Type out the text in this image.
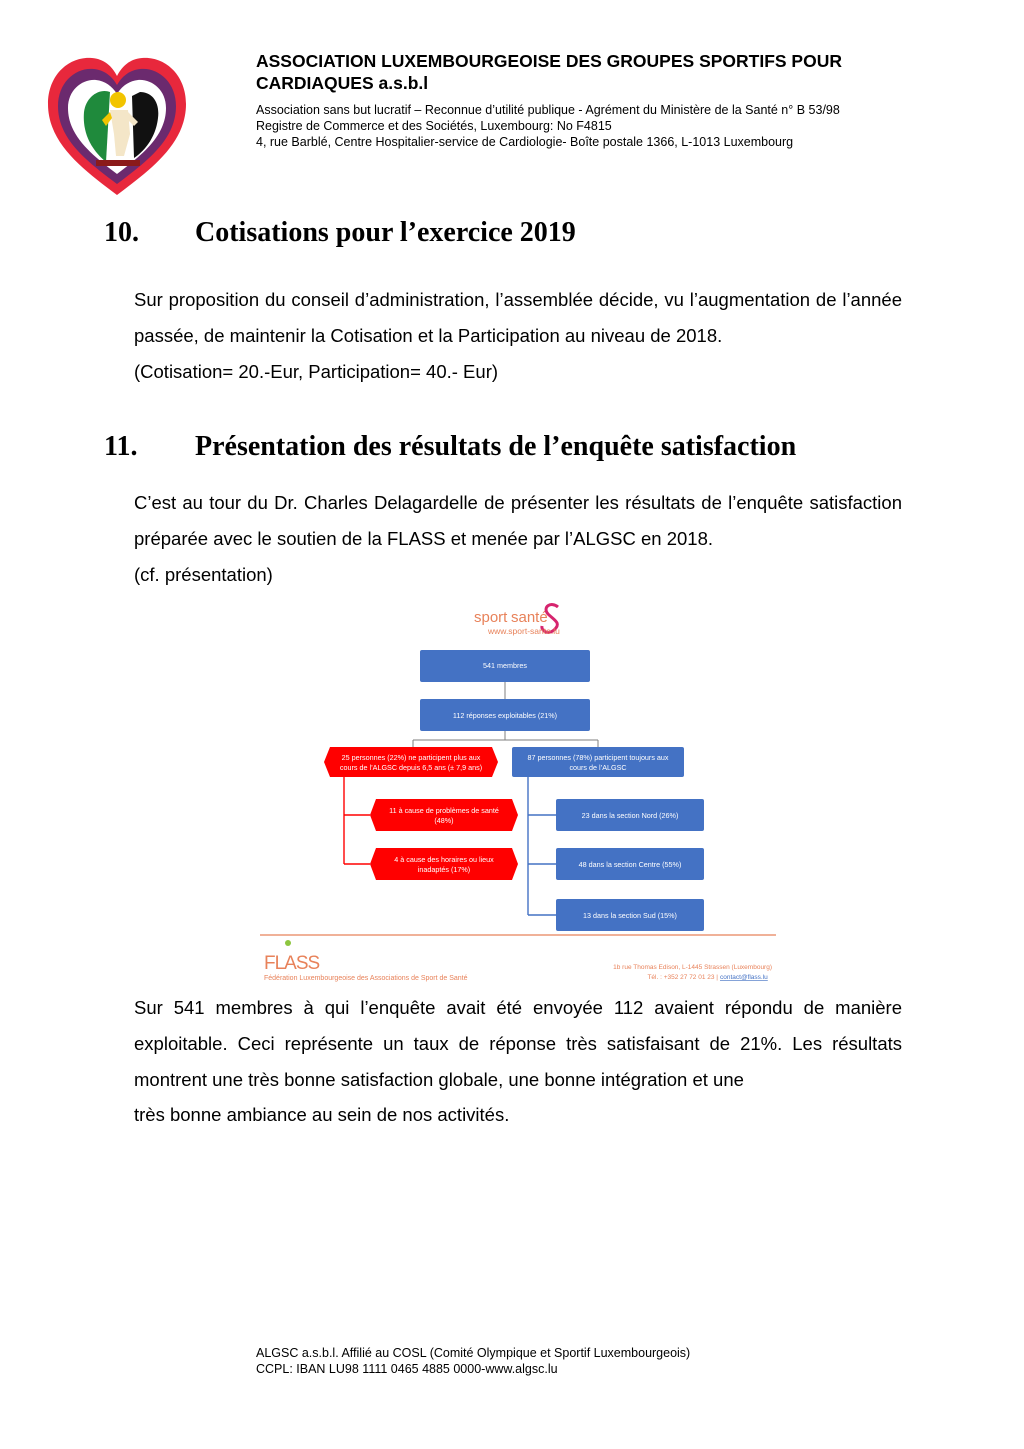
ASSOCIATION LUXEMBOURGEOISE DES GROUPES SPORTIFS POUR

CARDIAQUES a.s.b.l

Association sans but lucratif – Reconnue d’utilité publique - Agrément du Ministère de la Santé n° B 53/98

Registre de Commerce et des Sociétés, Luxembourg: No F4815

4, rue Barblé, Centre Hospitalier-service de Cardiologie- Boîte postale 1366, L-1013 Luxembourg

10. Cotisations pour l’exercice 2019
Sur proposition du conseil d’administration, l’assemblée décide, vu l’augmentation de l’année passée, de maintenir la Cotisation et la Participation au niveau de 2018.
(Cotisation= 20.-Eur, Participation= 40.- Eur)
11. Présentation des résultats de l’enquête satisfaction
C’est au tour du Dr. Charles Delagardelle de présenter les résultats de l’enquête satisfaction préparée avec le soutien de la FLASS et menée par l’ALGSC en 2018.
(cf. présentation)
sport santé
www.sport-sante.lu
541 membres
112 réponses exploitables (21%)
25 personnes (22%) ne participent plus aux
cours de l’ALGSC depuis 6,5 ans (± 7,9 ans)
87 personnes (78%) participent toujours aux
cours de l’ALGSC
11 à cause de problèmes de santé
(48%)
4 à cause des horaires ou lieux
inadaptés (17%)
23 dans la section Nord (26%)
48 dans la section Centre (55%)
13 dans la section Sud (15%)
FLASS
Fédération Luxembourgeoise des Associations de Sport de Santé
1b rue Thomas Edison, L-1445 Strassen (Luxembourg)
Tél. : +352 27 72 01 23 | contact@flass.lu
Sur 541 membres à qui l’enquête avait été envoyée 112 avaient répondu de manière exploitable. Ceci représente un taux de réponse très satisfaisant de 21%. Les résultats montrent une très bonne satisfaction globale, une bonne intégration et une
très bonne ambiance au sein de nos activités.

ALGSC a.s.b.l. Affilié au COSL (Comité Olympique et Sportif Luxembourgeois)

CCPL: IBAN LU98 1111 0465 4885 0000-www.algsc.lu
